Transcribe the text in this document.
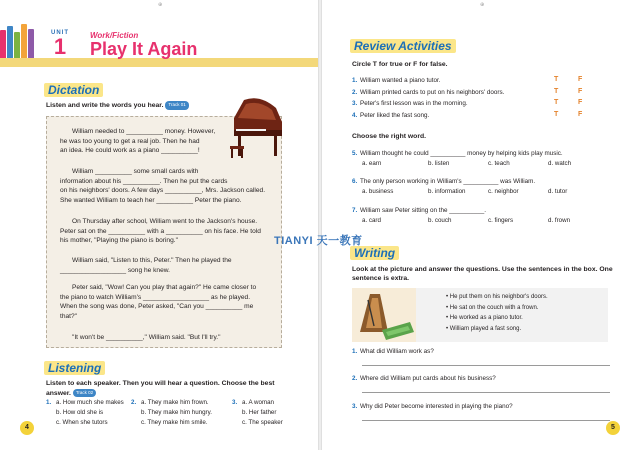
⊕
UNIT
1	Work/Fiction
Play It Again
Dictation
Listen and write the words you hear. Track 01
William needed to __________ money. However,
he was too young to get a real job. Then he had
an idea. He could work as a piano __________!
William __________ some small cards with
information about his __________. Then he put the cards
on his neighbors' doors. A few days __________, Mrs. Jackson called.
She wanted William to teach her __________ Peter the piano.
On Thursday after school, William went to the Jackson's house.
Peter sat on the __________ with a __________ on his face. He told
his mother, "Playing the piano is boring."
William said, "Listen to this, Peter." Then he played the
__________________ song he knew.
Peter said, "Wow! Can you play that again?" He came closer to
the piano to watch William's __________________ as he played.
When the song was done, Peter asked, "Can you __________ me
that?"
"It won't be __________," William said. "But I'll try."
Listening
Listen to each speaker. Then you will hear a question. Choose the best answer. Track 02
1. a. How much she makes
b. How old she is
c. When she tutors
2. a. They make him frown.
b. They make him hungry.
c. They make him smile.
3. a. A woman
b. Her father
c. The speaker
4
⊕
Review Activities
Circle T for true or F for false.
1. William wanted a piano tutor.	T	F
2. William printed cards to put on his neighbors' doors.	T	F
3. Peter's first lesson was in the morning.	T	F
4. Peter liked the fast song.	T	F
Choose the right word.
5. William thought he could __________ money by helping kids play music.
a. earn	b. listen	c. teach	d. watch
6. The only person working in William's __________ was William.
a. business	b. information	c. neighbor	d. tutor
7. William saw Peter sitting on the __________.
a. card	b. couch	c. fingers	d. frown
Writing
Look at the picture and answer the questions. Use the sentences in the box. One sentence is extra.
• He put them on his neighbor's doors.
• He sat on the couch with a frown.
• He worked as a piano tutor.
• William played a fast song.
1. What did William work as?
2. Where did William put cards about his business?
3. Why did Peter become interested in playing the piano?
5
TIANYI 天一教育
